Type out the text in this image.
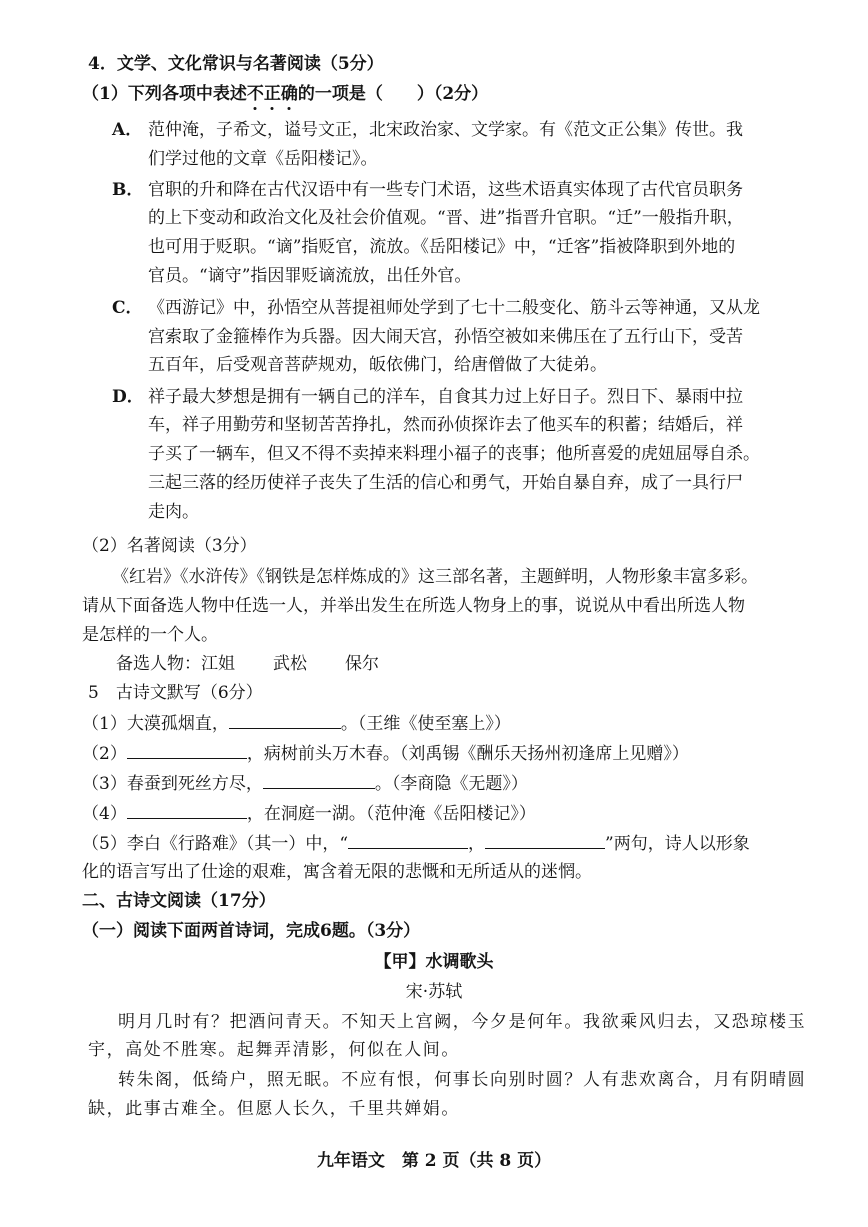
4．文学、文化常识与名著阅读（5分）
（1）下列各项中表述不正确的一项是（　　）（2分）
A． 范仲淹，子希文，谥号文正，北宋政治家、文学家。有《范文正公集》传世。我
们学过他的文章《岳阳楼记》。
B． 官职的升和降在古代汉语中有一些专门术语，这些术语真实体现了古代官员职务
的上下变动和政治文化及社会价值观。“晋、进”指晋升官职。“迁”一般指升职，
也可用于贬职。“谪”指贬官，流放。《岳阳楼记》中，“迁客”指被降职到外地的
官员。“谪守”指因罪贬谪流放，出任外官。
C． 《西游记》中，孙悟空从菩提祖师处学到了七十二般变化、筋斗云等神通，又从龙
宫索取了金箍棒作为兵器。因大闹天宫，孙悟空被如来佛压在了五行山下，受苦
五百年，后受观音菩萨规劝，皈依佛门，给唐僧做了大徒弟。
D． 祥子最大梦想是拥有一辆自己的洋车，自食其力过上好日子。烈日下、暴雨中拉
车，祥子用勤劳和坚韧苦苦挣扎，然而孙侦探诈去了他买车的积蓄；结婚后，祥
子买了一辆车，但又不得不卖掉来料理小福子的丧事；他所喜爱的虎妞屈辱自杀。
三起三落的经历使祥子丧失了生活的信心和勇气，开始自暴自弃，成了一具行尸
走肉。
（2）名著阅读（3分）
《红岩》《水浒传》《钢铁是怎样炼成的》这三部名著，主题鲜明，人物形象丰富多彩。
请从下面备选人物中任选一人，并举出发生在所选人物身上的事，说说从中看出所选人物
是怎样的一个人。
备选人物：江姐 武松 保尔
5　古诗文默写（6分）
（1）大漠孤烟直，	。（王维《使至塞上》）
（2）	，病树前头万木春。（刘禹锡《酬乐天扬州初逢席上见赠》）
（3）春蚕到死丝方尽，	。（李商隐《无题》）
（4）	，在洞庭一湖。（范仲淹《岳阳楼记》）
（5）李白《行路难》（其一）中，“	，	”两句，诗人以形象
化的语言写出了仕途的艰难，寓含着无限的悲慨和无所适从的迷惘。
二、古诗文阅读（17分）
（一）阅读下面两首诗词，完成6题。（3分）
【甲】水调歌头
宋·苏轼
明月几时有？把酒问青天。不知天上宫阙，今夕是何年。我欲乘风归去，又恐琼楼玉
宇，高处不胜寒。起舞弄清影，何似在人间。
转朱阁，低绮户，照无眠。不应有恨，何事长向别时圆？人有悲欢离合，月有阴晴圆
缺，此事古难全。但愿人长久，千里共婵娟。
九年语文　第 2 页（共 8 页）
